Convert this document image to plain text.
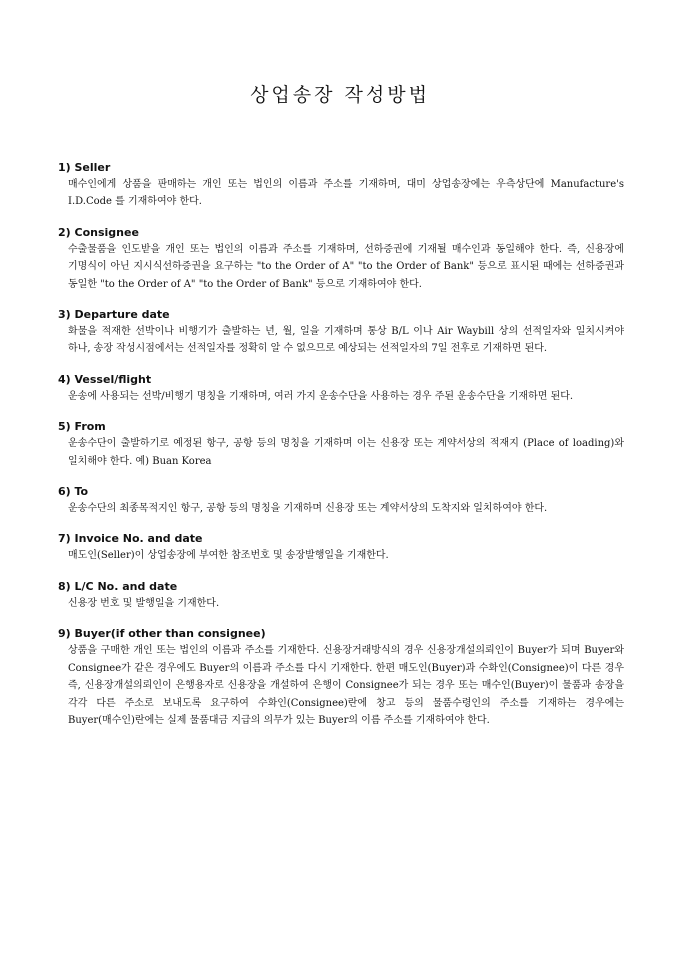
상업송장 작성방법
1) Seller
매수인에게 상품을 판매하는 개인 또는 법인의 이름과 주소를 기재하며, 대미 상업송장에는 우측상단에 Manufacture's I.D.Code 를 기재하여야 한다.
2) Consignee
수출물품을 인도받을 개인 또는 법인의 이름과 주소를 기재하며, 선하증권에 기재될 매수인과 동일해야 한다. 즉, 신용장에 기명식이 아닌 지시식선하증권을 요구하는 "to the Order of A" "to the Order of Bank" 등으로 표시된 때에는 선하증권과 동일한 "to the Order of A" "to the Order of Bank" 등으로 기재하여야 한다.
3) Departure date
화물을 적재한 선박이나 비행기가 출발하는 년, 월, 일을 기재하며 통상 B/L 이나 Air Waybill 상의 선적일자와 일치시켜야 하나, 송장 작성시점에서는 선적일자를 정확히 알 수 없으므로 예상되는 선적일자의 7일 전후로 기재하면 된다.
4) Vessel/flight
운송에 사용되는 선박/비행기 명칭을 기재하며, 여러 가지 운송수단을 사용하는 경우 주된 운송수단을 기재하면 된다.
5) From
운송수단이 출발하기로 예정된 항구, 공항 등의 명칭을 기재하며 이는 신용장 또는 계약서상의 적재지 (Place of loading)와 일치해야 한다. 예) Buan Korea
6) To
운송수단의 최종목적지인 항구, 공항 등의 명칭을 기재하며 신용장 또는 계약서상의 도착지와 일치하여야 한다.
7) Invoice No. and date
매도인(Seller)이 상업송장에 부여한 참조번호 및 송장발행일을 기재한다.
8) L/C No. and date
신용장 번호 및 발행일을 기재한다.
9) Buyer(if other than consignee)
상품을 구매한 개인 또는 법인의 이름과 주소를 기재한다. 신용장거래방식의 경우 신용장개설의뢰인이 Buyer가 되며 Buyer와 Consignee가 같은 경우에도 Buyer의 이름과 주소를 다시 기재한다. 한편 매도인(Buyer)과 수화인(Consignee)이 다른 경우 즉, 신용장개설의뢰인이 은행용자로 신용장을 개설하여 은행이 Consignee가 되는 경우 또는 매수인(Buyer)이 물품과 송장을 각각 다른 주소로 보내도록 요구하여 수화인(Consignee)란에 창고 등의 물품수령인의 주소를 기재하는 경우에는 Buyer(매수인)란에는 실제 물품대금 지급의 의무가 있는 Buyer의 이름 주소를 기재하여야 한다.
